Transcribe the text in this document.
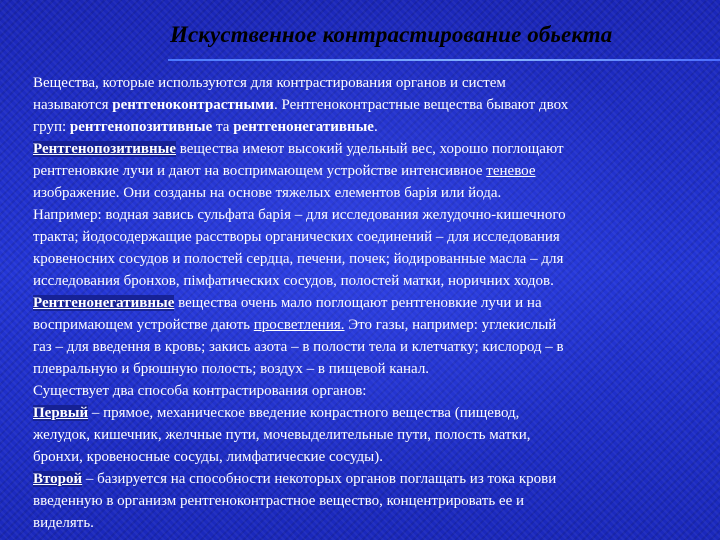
Искуственное контрастирование обьекта
Вещества, которые используются для контрастирования органов и систем
называются рентгеноконтрастными. Рентгеноконтрастные вещества бывают двох
груп: рентгенопозитивные та рентгенонегативные.
Рентгенопозитивные вещества имеют высокий удельный вес, хорошо поглощают
рентгеновкие лучи и дают на воспримающем устройстве интенсивное теневое
изображение. Они созданы на основе тяжелых елементов барія или йода.
Например: водная завись сульфата барія – для исследования желудочно-кишечного
тракта; йодосодержащие расстворы органических соединений – для исследования
кровеносних сосудов и полостей сердца, печени, почек; йодированные масла – для
исследования бронхов, пімфатических сосудов, полостей матки, норичних ходов.
Рентгенонегативные вещества очень мало поглощают рентгеновкие лучи и на
воспримающем устройстве дають просветления. Это газы, например: углекислый
газ – для введення в кровь; закись азота – в полости тела и клетчатку; кислород – в
плевральную и брюшную полость; воздух – в пищевой канал.
Существует два способа контрастирования органов:
Первый – прямое, механическое введение конрастного вещества (пищевод,
желудок, кишечник, желчные пути, мочевыделительные пути, полость матки,
бронхи, кровеносные сосуды, лимфатические сосуды).
Второй – базируется на способности некоторых органов поглащать из тока крови
введенную в организм рентгеноконтрастное вещество, концентрировать ее и
виделять.
